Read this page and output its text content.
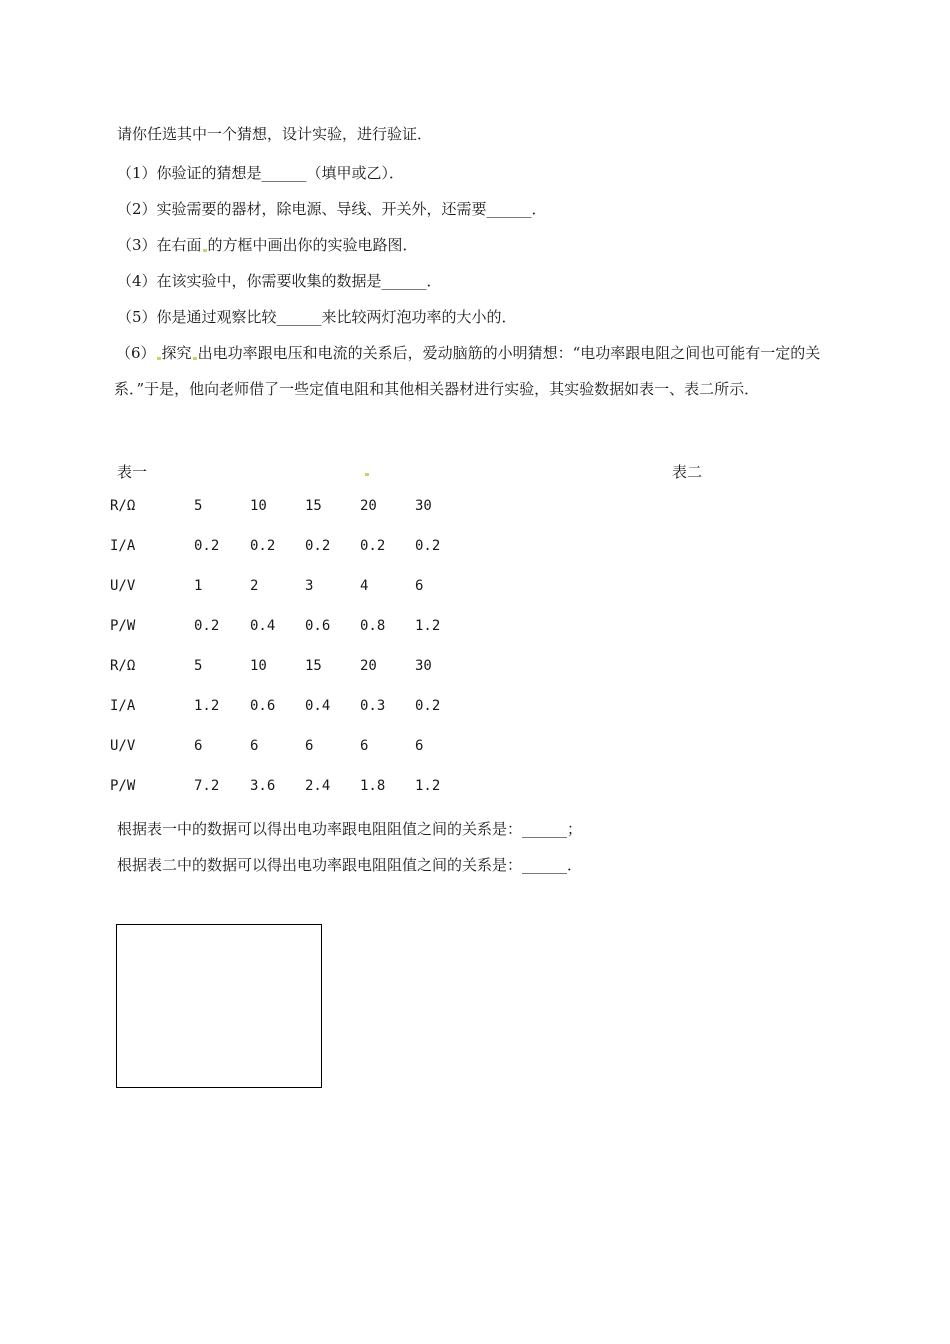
请你任选其中一个猜想，设计实验，进行验证．
（1）你验证的猜想是______（填甲或乙）．
（2）实验需要的器材，除电源、导线、开关外，还需要______．
（3）在右面 的方框中画出你的实验电路图．
（4）在该实验中，你需要收集的数据是______．
（5）你是通过观察比较______来比较两灯泡功率的大小的．
（6） 探究 出电功率跟电压和电流的关系后，爱动脑筋的小明猜想：“电功率跟电阻之间也可能有一定的关系．”于是，他向老师借了一些定值电阻和其他相关器材进行实验，其实验数据如表一、表二所示．
表一	表二
R/Ω	5	10	15	20	30
I/A	0.2 0.2 0.2 0.2 0.2
U/V	1	2	3	4	6
P/W	0.2 0.4 0.6 0.8 1.2
R/Ω	5	10	15	20	30
I/A	1.2 0.6 0.4 0.3 0.2
U/V	6	6	6	6	6
P/W	7.2 3.6 2.4 1.8 1.2
根据表一中的数据可以得出电功率跟电阻阻值之间的关系是：______；
根据表二中的数据可以得出电功率跟电阻阻值之间的关系是：______．
